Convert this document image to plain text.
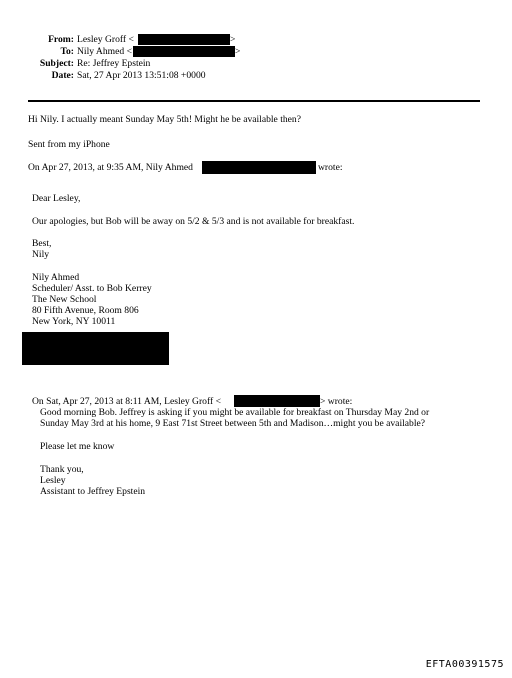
From: Lesley Groff <	>
To: Nily Ahmed <	>
Subject: Re: Jeffrey Epstein
Date: Sat, 27 Apr 2013 13:51:08 +0000
Hi Nily. I actually meant Sunday May 5th! Might he be available then?
Sent from my iPhone
On Apr 27, 2013, at 9:35 AM, Nily Ahmed	wrote:
Dear Lesley,
Our apologies, but Bob will be away on 5/2 & 5/3 and is not available for breakfast.
Best,
Nily
Nily Ahmed
Scheduler/ Asst. to Bob Kerrey
The New School
80 Fifth Avenue, Room 806
New York, NY 10011
On Sat, Apr 27, 2013 at 8:11 AM, Lesley Groff <	> wrote:
Good morning Bob. Jeffrey is asking if you might be available for breakfast on Thursday May 2nd or
Sunday May 3rd at his home, 9 East 71st Street between 5th and Madison…might you be available?
Please let me know
Thank you,
Lesley
Assistant to Jeffrey Epstein
EFTA00391575
